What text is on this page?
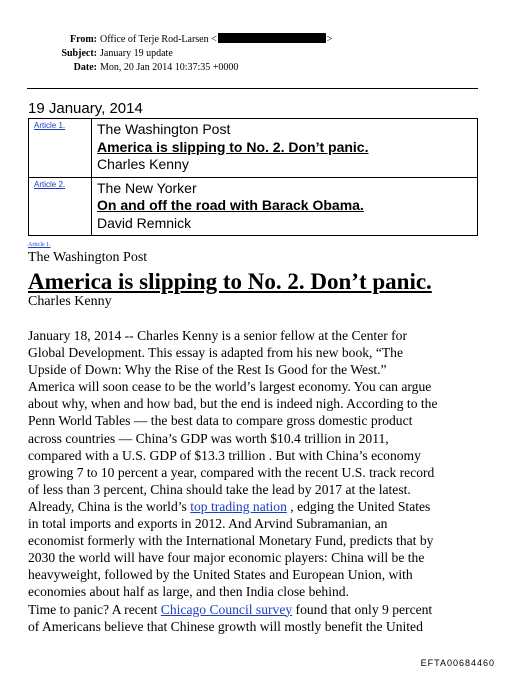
From: Office of Terje Rod-Larsen <	>
Subject: January 19 update
Date: Mon, 20 Jan 2014 10:37:35 +0000
19 January, 2014
Article 1.	The Washington Post
America is slipping to No. 2. Don’t panic.
Charles Kenny

Article 2.	The New Yorker
On and off the road with Barack Obama.
David Remnick
Article 1.
The Washington Post
America is slipping to No. 2. Don’t panic.
Charles Kenny
January 18, 2014 -- Charles Kenny is a senior fellow at the Center for
Global Development. This essay is adapted from his new book, “The
Upside of Down: Why the Rise of the Rest Is Good for the West.”
America will soon cease to be the world’s largest economy. You can argue
about why, when and how bad, but the end is indeed nigh. According to the
Penn World Tables — the best data to compare gross domestic product
across countries — China’s GDP was worth $10.4 trillion in 2011,
compared with a U.S. GDP of $13.3 trillion . But with China’s economy
growing 7 to 10 percent a year, compared with the recent U.S. track record
of less than 3 percent, China should take the lead by 2017 at the latest.
Already, China is the world’s top trading nation , edging the United States
in total imports and exports in 2012. And Arvind Subramanian, an
economist formerly with the International Monetary Fund, predicts that by
2030 the world will have four major economic players: China will be the
heavyweight, followed by the United States and European Union, with
economies about half as large, and then India close behind.
Time to panic? A recent Chicago Council survey found that only 9 percent
of Americans believe that Chinese growth will mostly benefit the United
EFTA00684460
